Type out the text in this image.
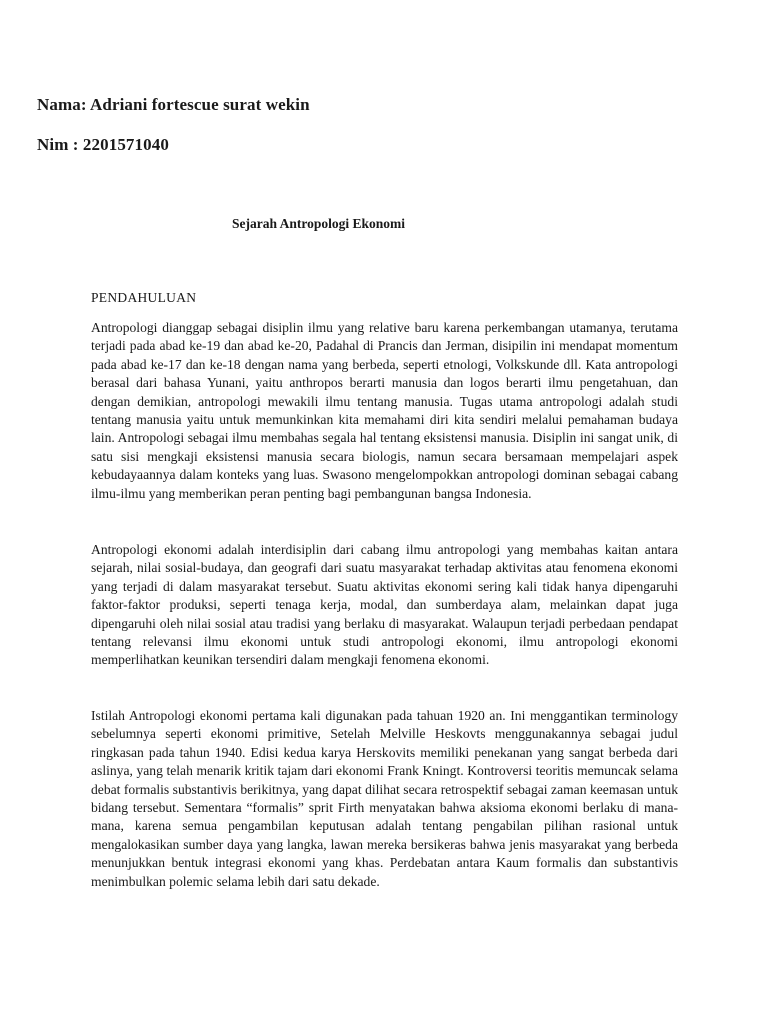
Nama: Adriani fortescue surat wekin
Nim : 2201571040
Sejarah Antropologi Ekonomi
PENDAHULUAN

Antropologi dianggap sebagai disiplin ilmu yang relative baru karena perkembangan utamanya, terutama terjadi pada abad ke-19 dan abad ke-20, Padahal di Prancis dan Jerman, disipilin ini mendapat momentum pada abad ke-17 dan ke-18 dengan nama yang berbeda, seperti etnologi, Volkskunde dll. Kata antropologi berasal dari bahasa Yunani, yaitu anthropos berarti manusia dan logos berarti ilmu pengetahuan, dan dengan demikian, antropologi mewakili ilmu tentang manusia. Tugas utama antropologi adalah studi tentang manusia yaitu untuk memunkinkan kita memahami diri kita sendiri melalui pemahaman budaya lain. Antropologi sebagai ilmu membahas segala hal tentang eksistensi manusia. Disiplin ini sangat unik, di satu sisi mengkaji eksistensi manusia secara biologis, namun secara bersamaan mempelajari aspek kebudayaannya dalam konteks yang luas. Swasono mengelompokkan antropologi dominan sebagai cabang ilmu-ilmu yang memberikan peran penting bagi pembangunan bangsa Indonesia.

Antropologi ekonomi adalah interdisiplin dari cabang ilmu antropologi yang membahas kaitan antara sejarah, nilai sosial-budaya, dan geografi dari suatu masyarakat terhadap aktivitas atau fenomena ekonomi yang terjadi di dalam masyarakat tersebut. Suatu aktivitas ekonomi sering kali tidak hanya dipengaruhi faktor-faktor produksi, seperti tenaga kerja, modal, dan sumberdaya alam, melainkan dapat juga dipengaruhi oleh nilai sosial atau tradisi yang berlaku di masyarakat. Walaupun terjadi perbedaan pendapat tentang relevansi ilmu ekonomi untuk studi antropologi ekonomi, ilmu antropologi ekonomi memperlihatkan keunikan tersendiri dalam mengkaji fenomena ekonomi.

Istilah Antropologi ekonomi pertama kali digunakan pada tahuan 1920 an. Ini menggantikan terminology sebelumnya seperti ekonomi primitive, Setelah Melville Heskovts menggunakannya sebagai judul ringkasan pada tahun 1940. Edisi kedua karya Herskovits memiliki penekanan yang sangat berbeda dari aslinya, yang telah menarik kritik tajam dari ekonomi Frank Kningt. Kontroversi teoritis memuncak selama debat formalis substantivis berikitnya, yang dapat dilihat secara retrospektif sebagai zaman keemasan untuk bidang tersebut. Sementara “formalis” sprit Firth menyatakan bahwa aksioma ekonomi berlaku di mana-mana, karena semua pengambilan keputusan adalah tentang pengabilan pilihan rasional untuk mengalokasikan sumber daya yang langka, lawan mereka bersikeras bahwa jenis masyarakat yang berbeda menunjukkan bentuk integrasi ekonomi yang khas. Perdebatan antara Kaum formalis dan substantivis menimbulkan polemic selama lebih dari satu dekade.
